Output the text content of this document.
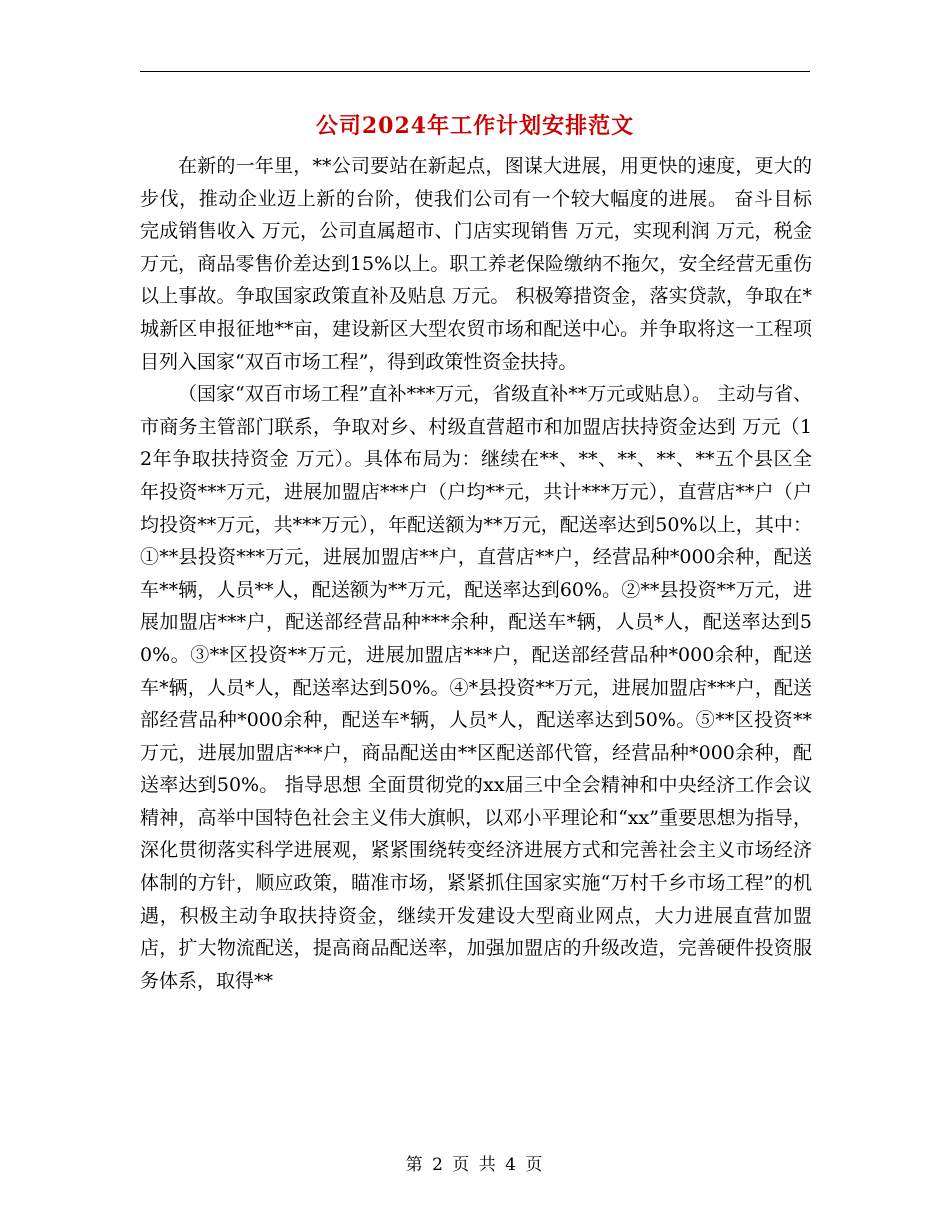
公司2024年工作计划安排范文

在新的一年里，**公司要站在新起点，图谋大进展，用更快的速度，更大的步伐，推动企业迈上新的台阶，使我们公司有一个较大幅度的进展。 奋斗目标 完成销售收入 万元，公司直属超市、门店实现销售 万元，实现利润 万元，税金 万元，商品零售价差达到15%以上。职工养老保险缴纳不拖欠，安全经营无重伤以上事故。争取国家政策直补及贴息 万元。 积极筹措资金，落实贷款，争取在*城新区申报征地**亩，建设新区大型农贸市场和配送中心。并争取将这一工程项目列入国家“双百市场工程”，得到政策性资金扶持。

（国家“双百市场工程”直补***万元，省级直补**万元或贴息）。 主动与省、市商务主管部门联系，争取对乡、村级直营超市和加盟店扶持资金达到 万元（12年争取扶持资金 万元）。具体布局为：继续在**、**、**、**、**五个县区全年投资***万元，进展加盟店***户（户均**元，共计***万元），直营店**户（户均投资**万元，共***万元），年配送额为**万元，配送率达到50%以上，其中：①**县投资***万元，进展加盟店**户，直营店**户，经营品种*000余种，配送车**辆，人员**人，配送额为**万元，配送率达到60%。②**县投资**万元，进展加盟店***户，配送部经营品种***余种，配送车*辆，人员*人，配送率达到50%。③**区投资**万元，进展加盟店***户，配送部经营品种*000余种，配送车*辆，人员*人，配送率达到50%。④*县投资**万元，进展加盟店***户，配送部经营品种*000余种，配送车*辆，人员*人，配送率达到50%。⑤**区投资**万元，进展加盟店***户，商品配送由**区配送部代管，经营品种*000余种，配送率达到50%。 指导思想 全面贯彻党的xx届三中全会精神和中央经济工作会议精神，高举中国特色社会主义伟大旗帜，以邓小平理论和“xx”重要思想为指导，深化贯彻落实科学进展观，紧紧围绕转变经济进展方式和完善社会主义市场经济体制的方针，顺应政策，瞄准市场，紧紧抓住国家实施“万村千乡市场工程”的机遇，积极主动争取扶持资金，继续开发建设大型商业网点，大力进展直营加盟店，扩大物流配送，提高商品配送率，加强加盟店的升级改造，完善硬件投资服务体系，取得**

第 2 页 共 4 页
